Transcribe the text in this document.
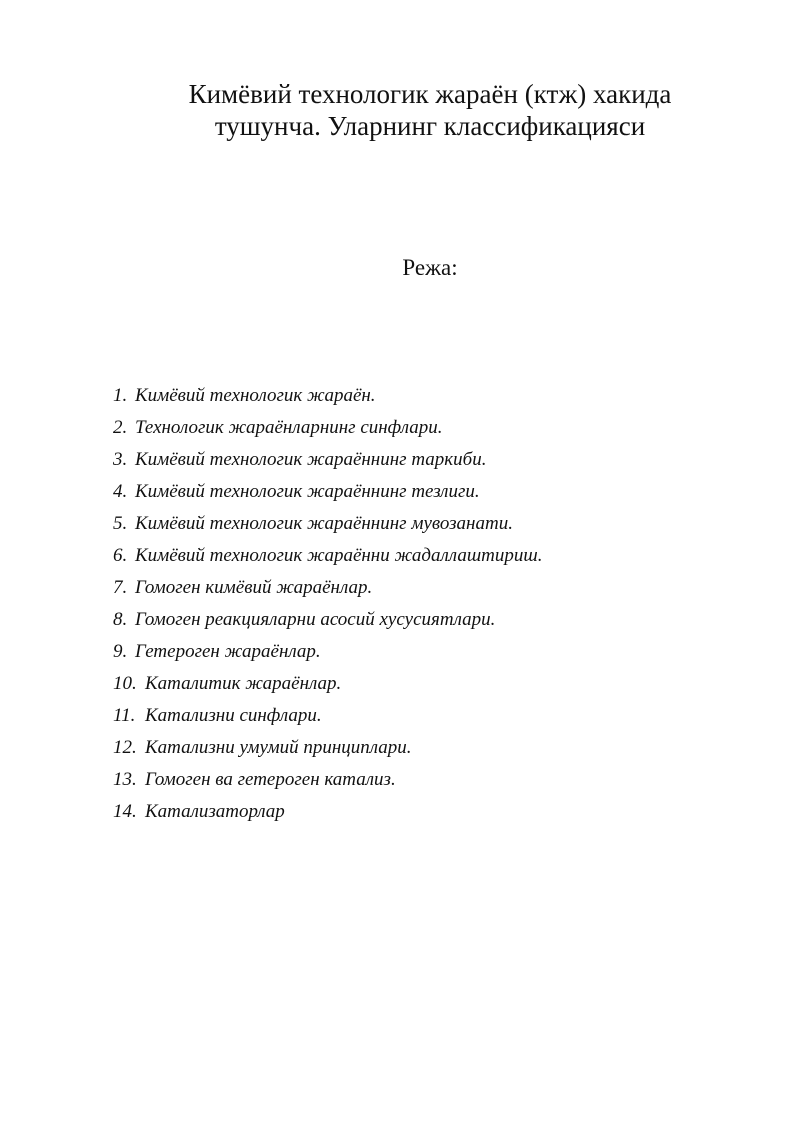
Кимёвий технологик жараён (ктж) хакида
тушунча. Уларнинг классификацияси
Режа:
1. Кимёвий технологик жараён.
2. Технологик жараёнларнинг синфлари.
3. Кимёвий технологик жараённинг таркиби.
4. Кимёвий технологик жараённинг тезлиги.
5. Кимёвий технологик жараённинг мувозанати.
6. Кимёвий технологик жараённи жадаллаштириш.
7. Гомоген кимёвий жараёнлар.
8. Гомоген реакцияларни асосий хусусиятлари.
9. Гетероген жараёнлар.
10. Каталитик жараёнлар.
11. Катализни синфлари.
12. Катализни умумий принциплари.
13. Гомоген ва гетероген катализ.
14. Катализаторлар
